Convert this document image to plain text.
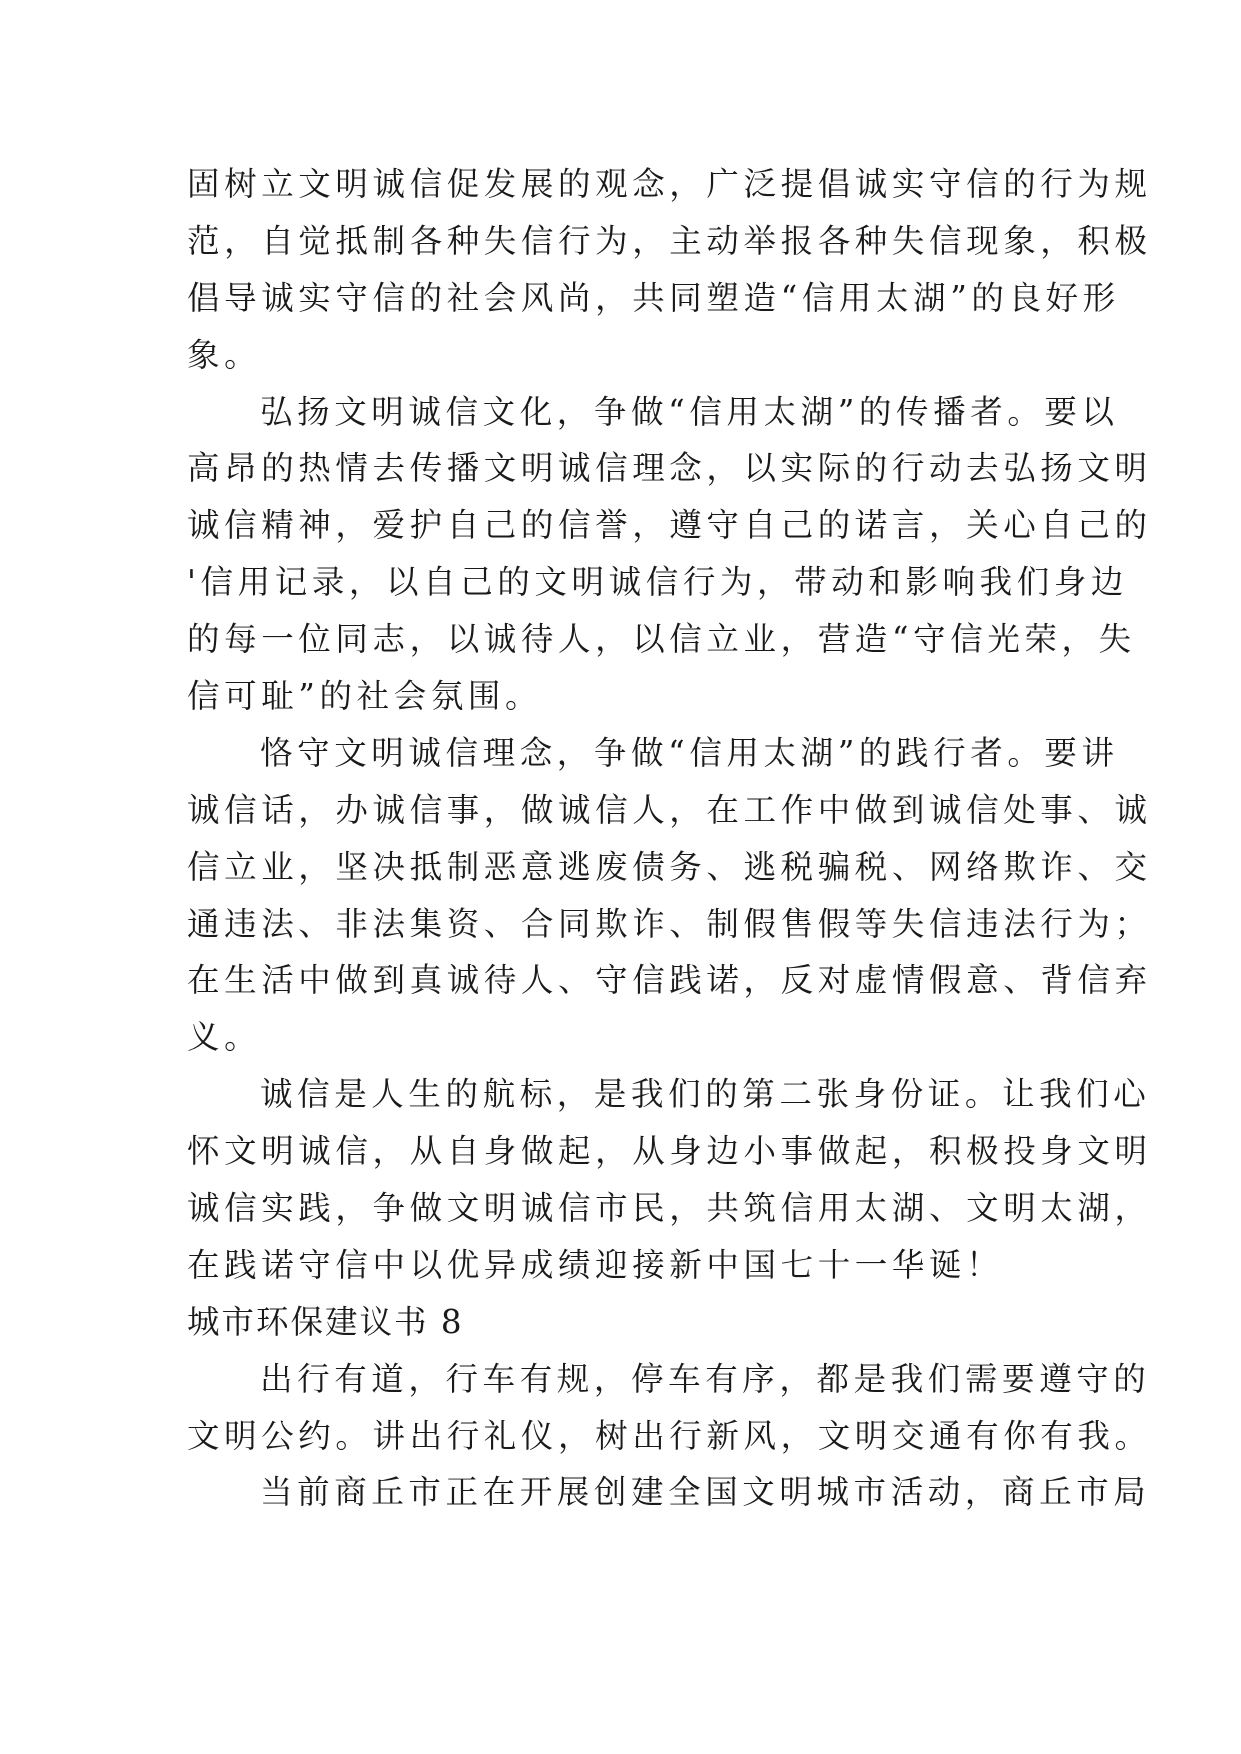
固树立文明诚信促发展的观念，广泛提倡诚实守信的行为规
范，自觉抵制各种失信行为，主动举报各种失信现象，积极
倡导诚实守信的社会风尚，共同塑造“信用太湖”的良好形
象。
弘扬文明诚信文化，争做“信用太湖”的传播者。要以
高昂的热情去传播文明诚信理念，以实际的行动去弘扬文明
诚信精神，爱护自己的信誉，遵守自己的诺言，关心自己的
'信用记录，以自己的文明诚信行为，带动和影响我们身边
的每一位同志，以诚待人，以信立业，营造“守信光荣，失
信可耻”的社会氛围。
恪守文明诚信理念，争做“信用太湖”的践行者。要讲
诚信话，办诚信事，做诚信人，在工作中做到诚信处事、诚
信立业，坚决抵制恶意逃废债务、逃税骗税、网络欺诈、交
通违法、非法集资、合同欺诈、制假售假等失信违法行为；
在生活中做到真诚待人、守信践诺，反对虚情假意、背信弃
义。
诚信是人生的航标，是我们的第二张身份证。让我们心
怀文明诚信，从自身做起，从身边小事做起，积极投身文明
诚信实践，争做文明诚信市民，共筑信用太湖、文明太湖，
在践诺守信中以优异成绩迎接新中国七十一华诞！
城市环保建议书 8
出行有道，行车有规，停车有序，都是我们需要遵守的
文明公约。讲出行礼仪，树出行新风，文明交通有你有我。
当前商丘市正在开展创建全国文明城市活动，商丘市局
